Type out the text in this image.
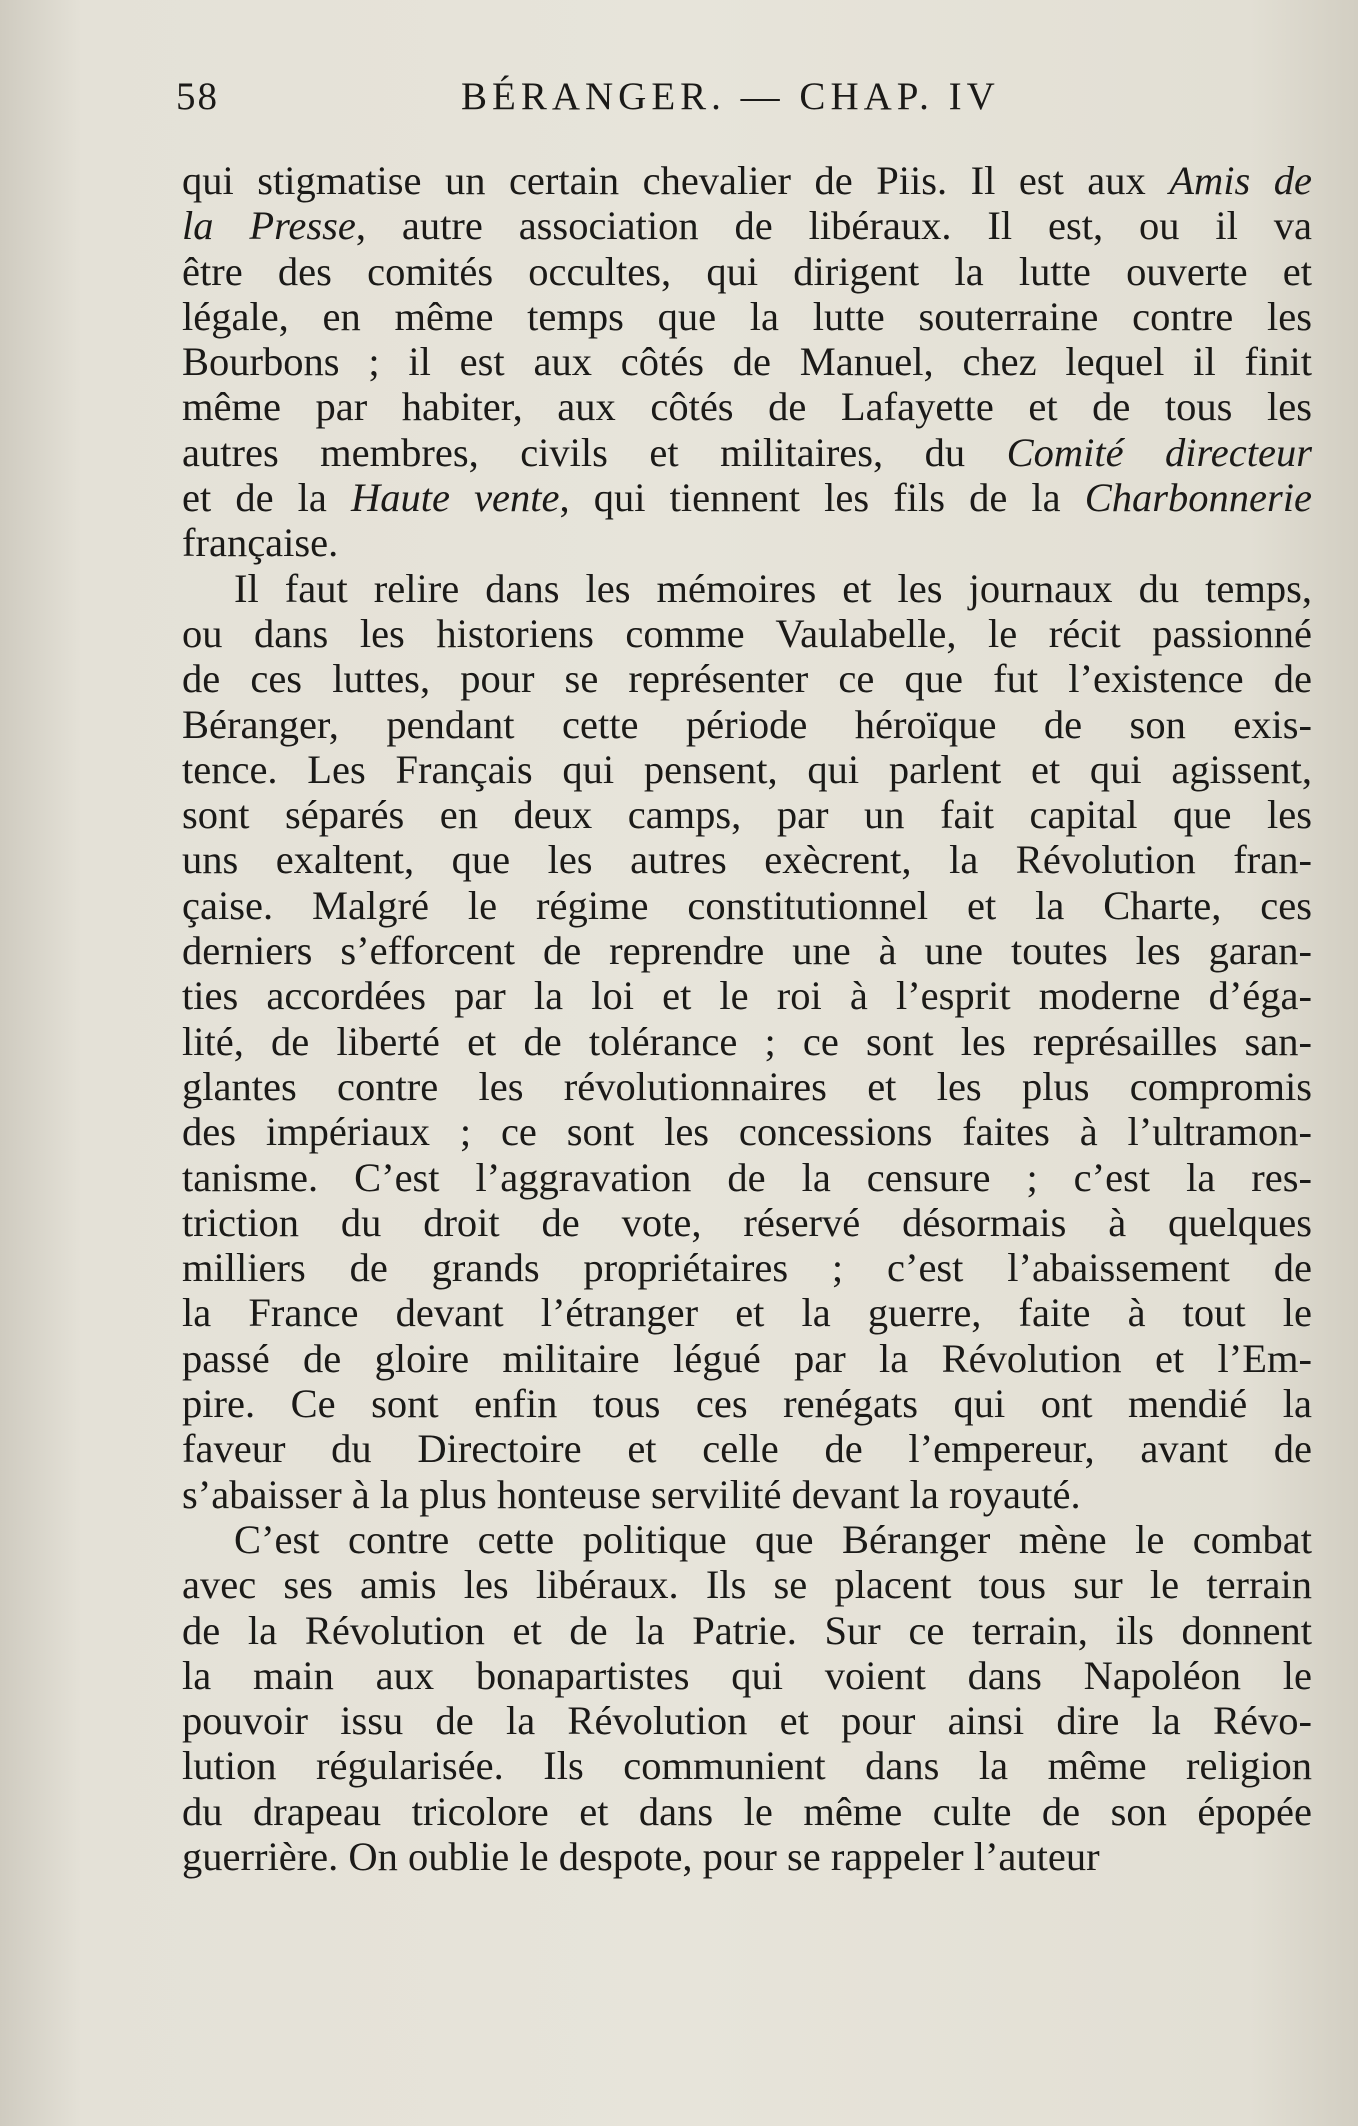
58	BÉRANGER. — CHAP. IV
qui stigmatise un certain chevalier de Piis. Il est aux Amis de
la Presse, autre association de libéraux. Il est, ou il va
être des comités occultes, qui dirigent la lutte ouverte et
légale, en même temps que la lutte souterraine contre les
Bourbons ; il est aux côtés de Manuel, chez lequel il finit
même par habiter, aux côtés de Lafayette et de tous les
autres membres, civils et militaires, du Comité directeur
et de la Haute vente, qui tiennent les fils de la Charbonnerie
française.
Il faut relire dans les mémoires et les journaux du temps,
ou dans les historiens comme Vaulabelle, le récit passionné
de ces luttes, pour se représenter ce que fut l’existence de
Béranger, pendant cette période héroïque de son exis-
tence. Les Français qui pensent, qui parlent et qui agissent,
sont séparés en deux camps, par un fait capital que les
uns exaltent, que les autres exècrent, la Révolution fran-
çaise. Malgré le régime constitutionnel et la Charte, ces
derniers s’efforcent de reprendre une à une toutes les garan-
ties accordées par la loi et le roi à l’esprit moderne d’éga-
lité, de liberté et de tolérance ; ce sont les représailles san-
glantes contre les révolutionnaires et les plus compromis
des impériaux ; ce sont les concessions faites à l’ultramon-
tanisme. C’est l’aggravation de la censure ; c’est la res-
triction du droit de vote, réservé désormais à quelques
milliers de grands propriétaires ; c’est l’abaissement de
la France devant l’étranger et la guerre, faite à tout le
passé de gloire militaire légué par la Révolution et l’Em-
pire. Ce sont enfin tous ces renégats qui ont mendié la
faveur du Directoire et celle de l’empereur, avant de
s’abaisser à la plus honteuse servilité devant la royauté.
C’est contre cette politique que Béranger mène le combat
avec ses amis les libéraux. Ils se placent tous sur le terrain
de la Révolution et de la Patrie. Sur ce terrain, ils donnent
la main aux bonapartistes qui voient dans Napoléon le
pouvoir issu de la Révolution et pour ainsi dire la Révo-
lution régularisée. Ils communient dans la même religion
du drapeau tricolore et dans le même culte de son épopée
guerrière. On oublie le despote, pour se rappeler l’auteur
